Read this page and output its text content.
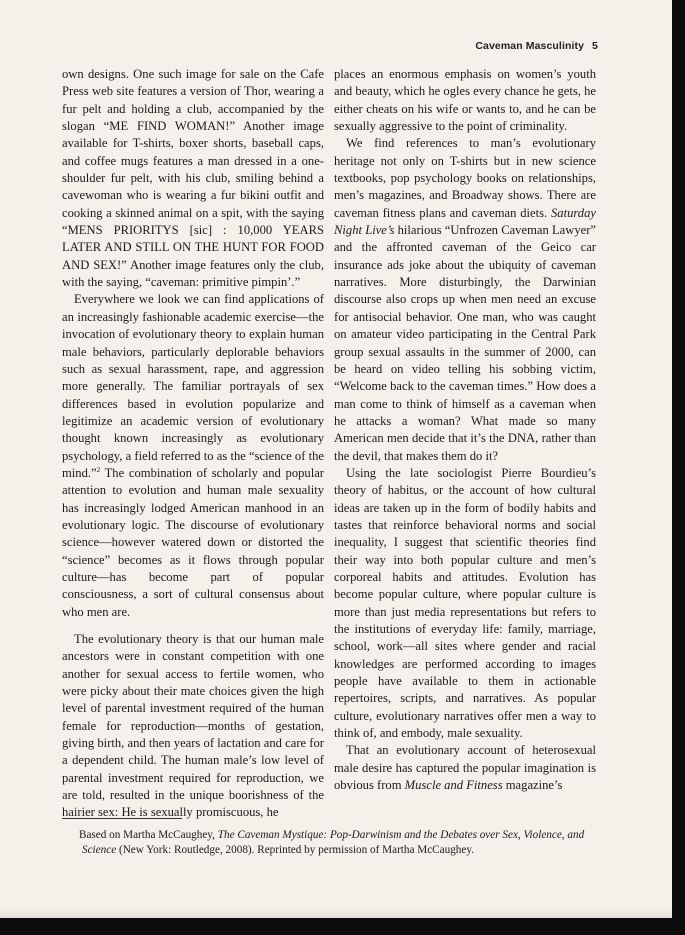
Caveman Masculinity 5

own designs. One such image for sale on the Cafe Press web site features a version of Thor, wearing a fur pelt and holding a club, accompanied by the slogan “ME FIND WOMAN!” Another image available for T-shirts, boxer shorts, baseball caps, and coffee mugs features a man dressed in a one-shoulder fur pelt, with his club, smiling behind a cavewoman who is wearing a fur bikini outfit and cooking a skinned animal on a spit, with the saying “MENS PRIORITYS [sic] : 10,000 YEARS LATER AND STILL ON THE HUNT FOR FOOD AND SEX!” Another image features only the club, with the saying, “caveman: primitive pimpin’.”

Everywhere we look we can find applications of an increasingly fashionable academic exercise—the invocation of evolutionary theory to explain human male behaviors, particularly deplorable behaviors such as sexual harassment, rape, and aggression more generally. The familiar portrayals of sex differences based in evolution popularize and legitimize an academic version of evolutionary thought known increasingly as evolutionary psychology, a field referred to as the “science of the mind.”$^2$ The combination of scholarly and popular attention to evolution and human male sexuality has increasingly lodged American manhood in an evolutionary logic. The discourse of evolutionary science—however watered down or distorted the “science” becomes as it flows through popular culture—has become part of popular consciousness, a sort of cultural consensus about who men are.

The evolutionary theory is that our human male ancestors were in constant competition with one another for sexual access to fertile women, who were picky about their mate choices given the high level of parental investment required of the human female for reproduction—months of gestation, giving birth, and then years of lactation and care for a dependent child. The human male’s low level of parental investment required for reproduction, we are told, resulted in the unique boorishness of the hairier sex: He is sexually promiscuous, he

places an enormous emphasis on women’s youth and beauty, which he ogles every chance he gets, he either cheats on his wife or wants to, and he can be sexually aggressive to the point of criminality.

We find references to man’s evolutionary heritage not only on T-shirts but in new science textbooks, pop psychology books on relationships, men’s magazines, and Broadway shows. There are caveman fitness plans and caveman diets. Saturday Night Live’s hilarious “Unfrozen Caveman Lawyer” and the affronted caveman of the Geico car insurance ads joke about the ubiquity of caveman narratives. More disturbingly, the Darwinian discourse also crops up when men need an excuse for antisocial behavior. One man, who was caught on amateur video participating in the Central Park group sexual assaults in the summer of 2000, can be heard on video telling his sobbing victim, “Welcome back to the caveman times.” How does a man come to think of himself as a caveman when he attacks a woman? What made so many American men decide that it’s the DNA, rather than the devil, that makes them do it?

Using the late sociologist Pierre Bourdieu’s theory of habitus, or the account of how cultural ideas are taken up in the form of bodily habits and tastes that reinforce behavioral norms and social inequality, I suggest that scientific theories find their way into both popular culture and men’s corporeal habits and attitudes. Evolution has become popular culture, where popular culture is more than just media representations but refers to the institutions of everyday life: family, marriage, school, work—all sites where gender and racial knowledges are performed according to images people have available to them in actionable repertoires, scripts, and narratives. As popular culture, evolutionary narratives offer men a way to think of, and embody, male sexuality.

That an evolutionary account of heterosexual male desire has captured the popular imagination is obvious from Muscle and Fitness magazine’s

Based on Martha McCaughey, The Caveman Mystique: Pop-Darwinism and the Debates over Sex, Violence, and Science (New York: Routledge, 2008). Reprinted by permission of Martha McCaughey.
